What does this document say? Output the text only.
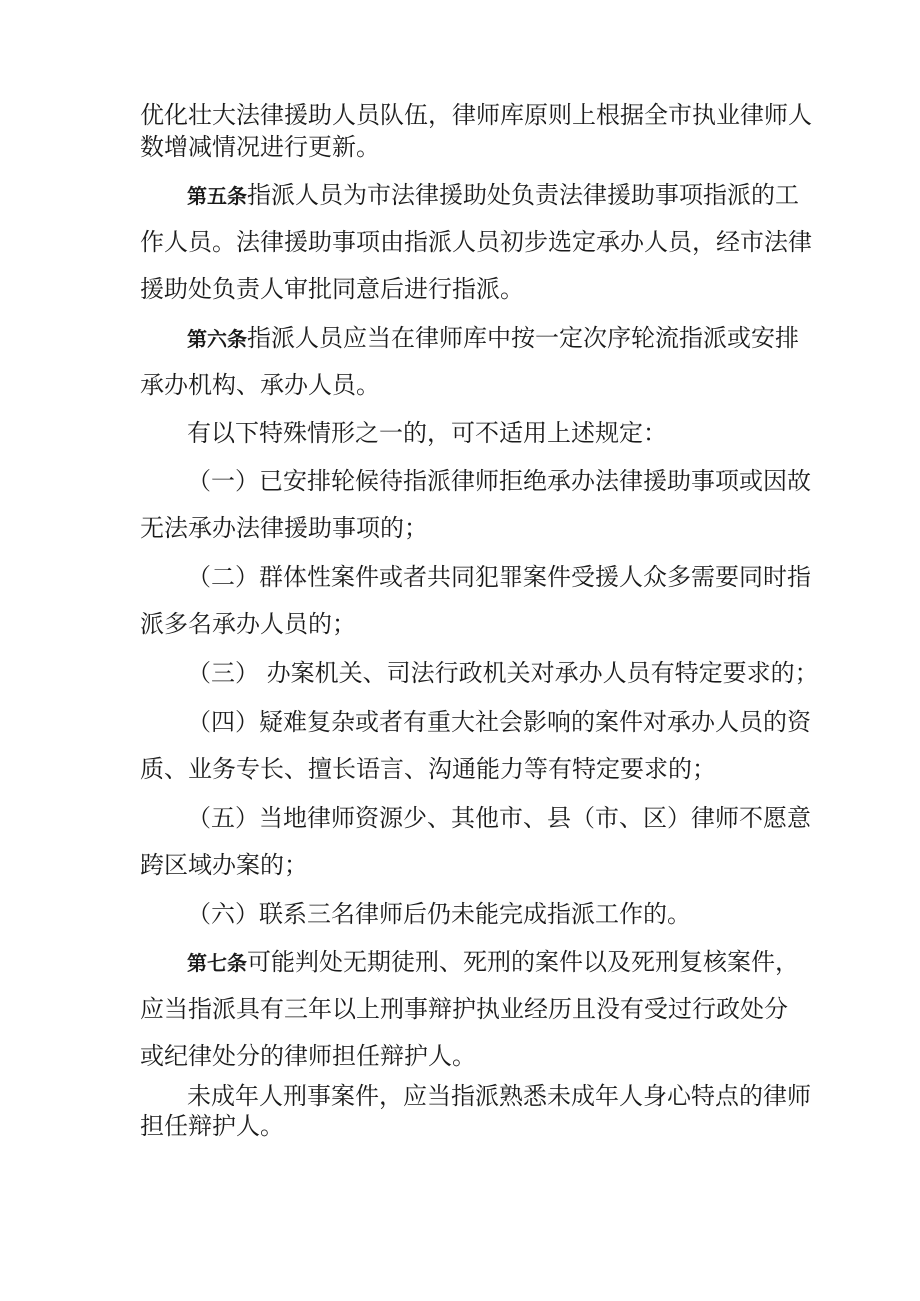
优化壮大法律援助人员队伍，律师库原则上根据全市执业律师人
数增减情况进行更新。
第五条指派人员为市法律援助处负责法律援助事项指派的工
作人员。法律援助事项由指派人员初步选定承办人员，经市法律
援助处负责人审批同意后进行指派。
第六条指派人员应当在律师库中按一定次序轮流指派或安排
承办机构、承办人员。
有以下特殊情形之一的，可不适用上述规定：
（一）已安排轮候待指派律师拒绝承办法律援助事项或因故
无法承办法律援助事项的；
（二）群体性案件或者共同犯罪案件受援人众多需要同时指
派多名承办人员的；
（三） 办案机关、司法行政机关对承办人员有特定要求的；
（四）疑难复杂或者有重大社会影响的案件对承办人员的资
质、业务专长、擅长语言、沟通能力等有特定要求的；
（五）当地律师资源少、其他市、县（市、区）律师不愿意
跨区域办案的；
（六）联系三名律师后仍未能完成指派工作的。
第七条可能判处无期徒刑、死刑的案件以及死刑复核案件，
应当指派具有三年以上刑事辩护执业经历且没有受过行政处分
或纪律处分的律师担任辩护人。
未成年人刑事案件，应当指派熟悉未成年人身心特点的律师
担任辩护人。
